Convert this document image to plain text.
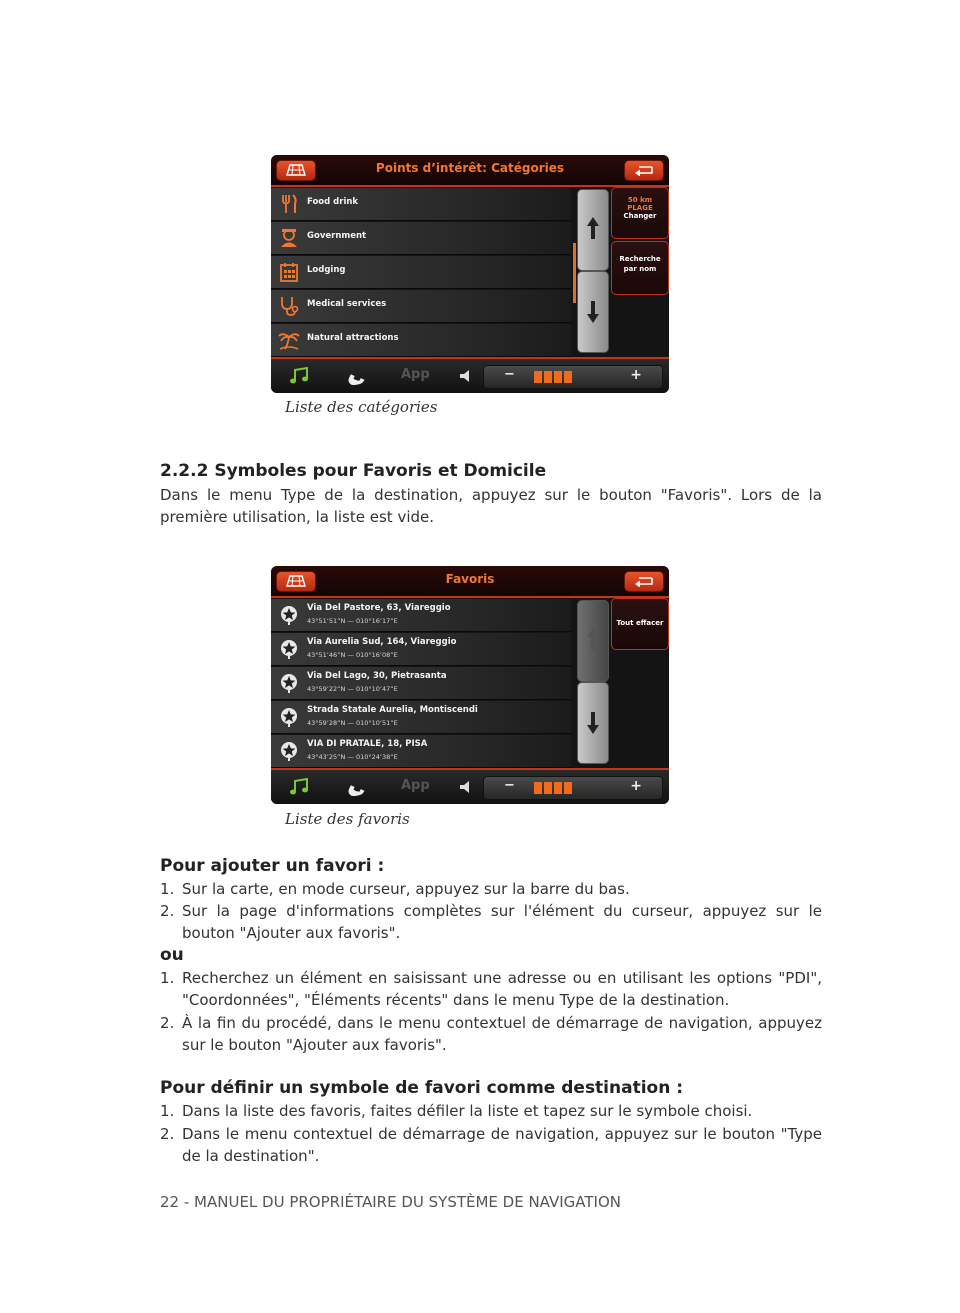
Points d’intérêt: Catégories
Food drink
Government
Lodging
Medical services
Natural attractions
50 km
PLAGE
Changer
Recherche par nom
App	−	+
Liste des catégories
2.2.2 Symboles pour Favoris et Domicile
Dans le menu Type de la destination, appuyez sur le bouton "Favoris". Lors de la première utilisation, la liste est vide.
Favoris
Via Del Pastore, 63, Viareggio
43°51’51”N — 010°16’17”E
Via Aurelia Sud, 164, Viareggio
43°51’46”N — 010°16’08”E
Via Del Lago, 30, Pietrasanta
43°59’22”N — 010°10’47”E
Strada Statale Aurelia, Montiscendi
43°59’28”N — 010°10’51”E
VIA DI PRATALE, 18, PISA
43°43’25”N — 010°24’38”E
Tout effacer
App	−	+
Liste des favoris
Pour ajouter un favori :
1. Sur la carte, en mode curseur, appuyez sur la barre du bas.
2. Sur la page d'informations complètes sur l'élément du curseur, appuyez sur le bouton "Ajouter aux favoris".
ou
1. Recherchez un élément en saisissant une adresse ou en utilisant les options "PDI", "Coordonnées", "Éléments récents" dans le menu Type de la destination.
2. À la fin du procédé, dans le menu contextuel de démarrage de navigation, appuyez sur le bouton "Ajouter aux favoris".
Pour définir un symbole de favori comme destination :
1. Dans la liste des favoris, faites défiler la liste et tapez sur le symbole choisi.
2. Dans le menu contextuel de démarrage de navigation, appuyez sur le bouton "Type de la destination".
22 - MANUEL DU PROPRIÉTAIRE DU SYSTÈME DE NAVIGATION
